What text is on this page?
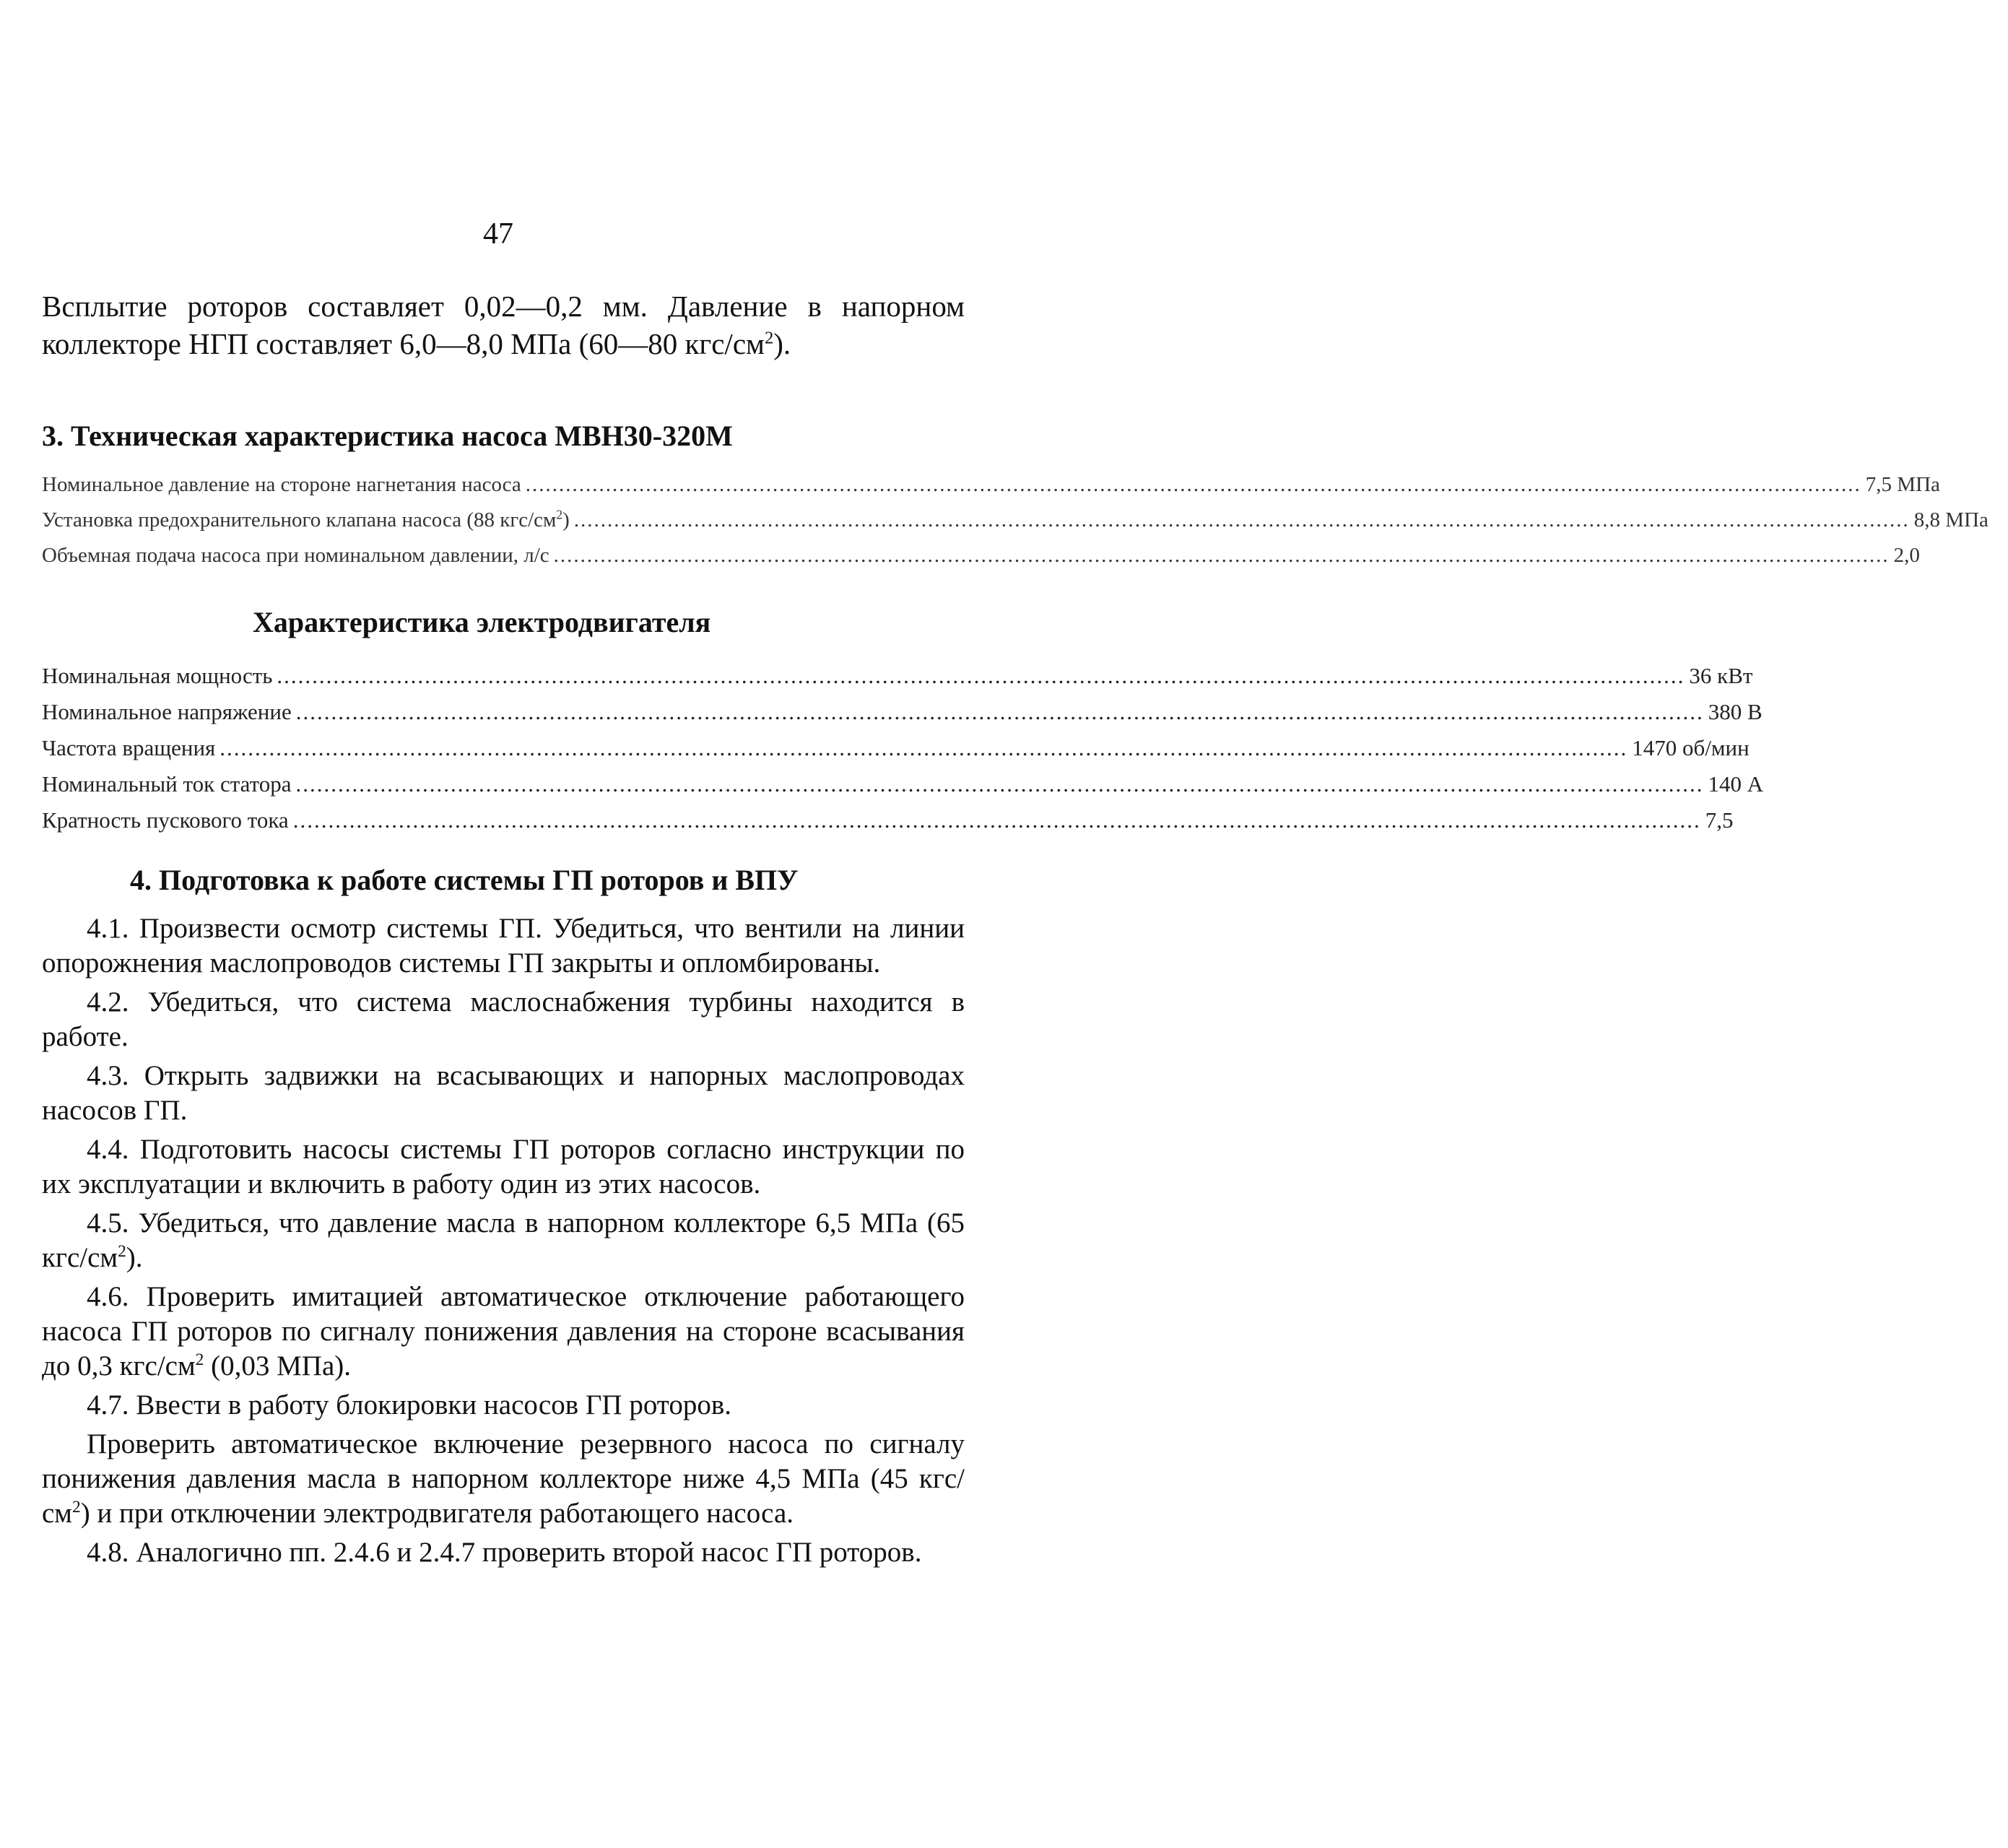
47

Всплытие роторов составляет 0,02—0,2 мм. Давление в напорном коллекторе НГП составляет 6,0—8,0 МПа (60—80 кгс/$см^2$).

3. Техническая характеристика насоса МВН30-320М
Номинальное давление на стороне нагнетания насоса ........................................................................................................................................................................................................ 7,5 МПа
Установка предохранительного клапана насоса (88 кгс/$см^2$) ........................................................................................................................................................................................................ 8,8 МПа
Объемная подача насоса при номинальном давлении, л/с ........................................................................................................................................................................................................ 2,0
Характеристика электродвигателя
Номинальная мощность ........................................................................................................................................................................................................ 36 кВт
Номинальное напряжение ........................................................................................................................................................................................................ 380 В
Частота вращения ........................................................................................................................................................................................................ 1470 об/мин
Номинальный ток статора ........................................................................................................................................................................................................ 140 А
Кратность пускового тока ........................................................................................................................................................................................................ 7,5
4. Подготовка к работе системы ГП роторов и ВПУ

4.1. Произвести осмотр системы ГП. Убедиться, что вентили на линии опорожнения маслопроводов системы ГП закрыты и опломбированы.

4.2. Убедиться, что система маслоснабжения турбины находится в работе.

4.3. Открыть задвижки на всасывающих и напорных маслопроводах насосов ГП.

4.4. Подготовить насосы системы ГП роторов согласно инструкции по их эксплуатации и включить в работу один из этих насосов.

4.5. Убедиться, что давление масла в напорном коллекторе 6,5 МПа (65 кгс/$см^2$).

4.6. Проверить имитацией автоматическое отключение работающего насоса ГП роторов по сигналу понижения давления на стороне всасывания до 0,3 кгс/$см^2$ (0,03 МПа).

4.7. Ввести в работу блокировки насосов ГП роторов.

Проверить автоматическое включение резервного насоса по сигналу понижения давления масла в напорном коллекторе ниже 4,5 МПа (45 кгс/$см^2$) и при отключении электродвигателя работающего насоса.

4.8. Аналогично пп. 2.4.6 и 2.4.7 проверить второй насос ГП роторов.
